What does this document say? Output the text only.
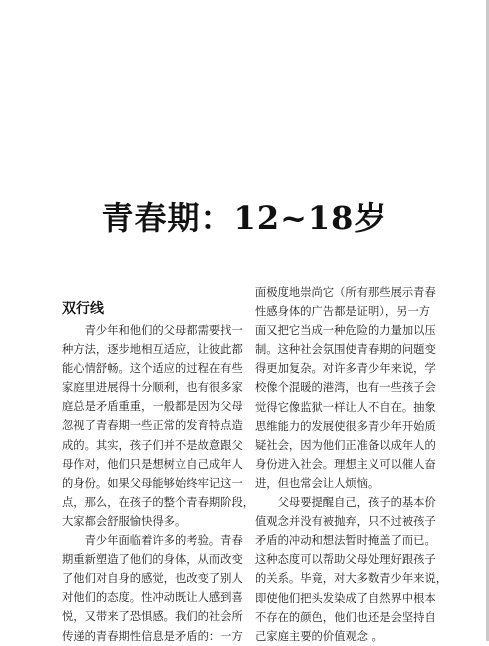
青春期：12~18岁
双行线
　　青少年和他们的父母都需要找一
种方法，逐步地相互适应，让彼此都
能心情舒畅。这个适应的过程在有些
家庭里进展得十分顺利，也有很多家
庭总是矛盾重重，一般都是因为父母
忽视了青春期一些正常的发育特点造
成的。其实，孩子们并不是故意跟父
母作对，他们只是想树立自己成年人
的身份。如果父母能够始终牢记这一
点，那么，在孩子的整个青春期阶段，
大家都会舒服愉快得多。
　　青少年面临着许多的考验。青春
期重新塑造了他们的身体，从而改变
了他们对自身的感觉，也改变了别人
对他们的态度。性冲动既让人感到喜
悦，又带来了恐惧感。我们的社会所
传递的青春期性信息是矛盾的：一方
面极度地崇尚它（所有那些展示青春
性感身体的广告都是证明），另一方
面又把它当成一种危险的力量加以压
制。这种社会氛围使青春期的问题变
得更加复杂。对许多青少年来说，学
校像个混暖的港湾，也有一些孩子会
觉得它像监狱一样让人不自在。抽象
思维能力的发展使很多青少年开始质
疑社会，因为他们正准备以成年人的
身份进入社会。理想主义可以催人奋
进，但也常会让人烦恼。
　　父母要提醒自己，孩子的基本价
值观念并没有被抛弃，只不过被孩子
矛盾的冲动和想法暂时掩盖了而已。
这种态度可以帮助父母处理好跟孩子
的关系。毕竟，对大多数青少年来说，
即使他们把头发染成了自然界中根本
不存在的颜色，他们也还是会坚持自
己家庭主要的价值观念 。
